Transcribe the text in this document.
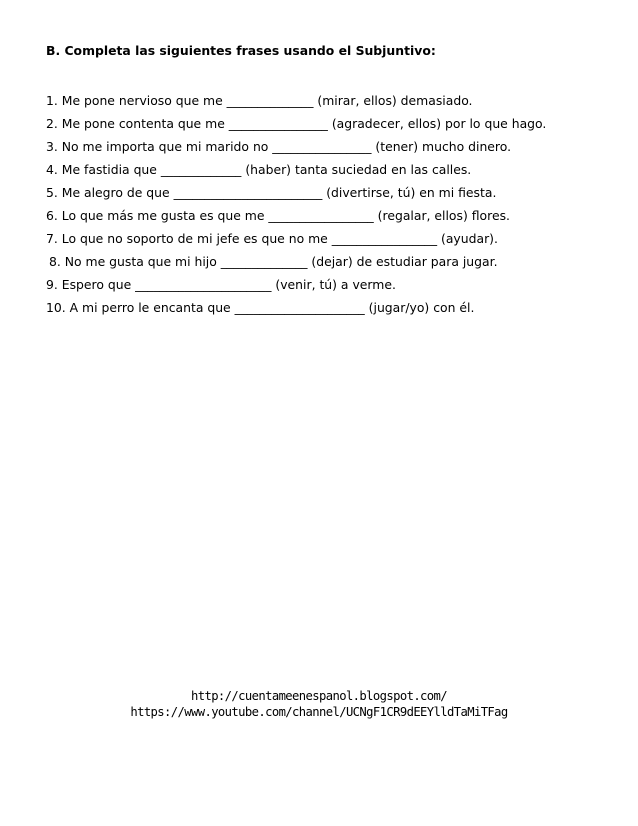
B. Completa las siguientes frases usando el Subjuntivo:
1. Me pone nervioso que me ______________ (mirar, ellos) demasiado.
2. Me pone contenta que me ________________ (agradecer, ellos) por lo que hago.
3. No me importa que mi marido no ________________ (tener) mucho dinero.
4. Me fastidia que _____________ (haber) tanta suciedad en las calles.
5. Me alegro de que ________________________ (divertirse, tú) en mi fiesta.
6. Lo que más me gusta es que me _________________ (regalar, ellos) flores.
7. Lo que no soporto de mi jefe es que no me _________________ (ayudar).
8. No me gusta que mi hijo ______________ (dejar) de estudiar para jugar.
9. Espero que ______________________ (venir, tú) a verme.
10. A mi perro le encanta que _____________________ (jugar/yo) con él.
http://cuentameenespanol.blogspot.com/
https://www.youtube.com/channel/UCNgF1CR9dEEYlldTaMiTFag
